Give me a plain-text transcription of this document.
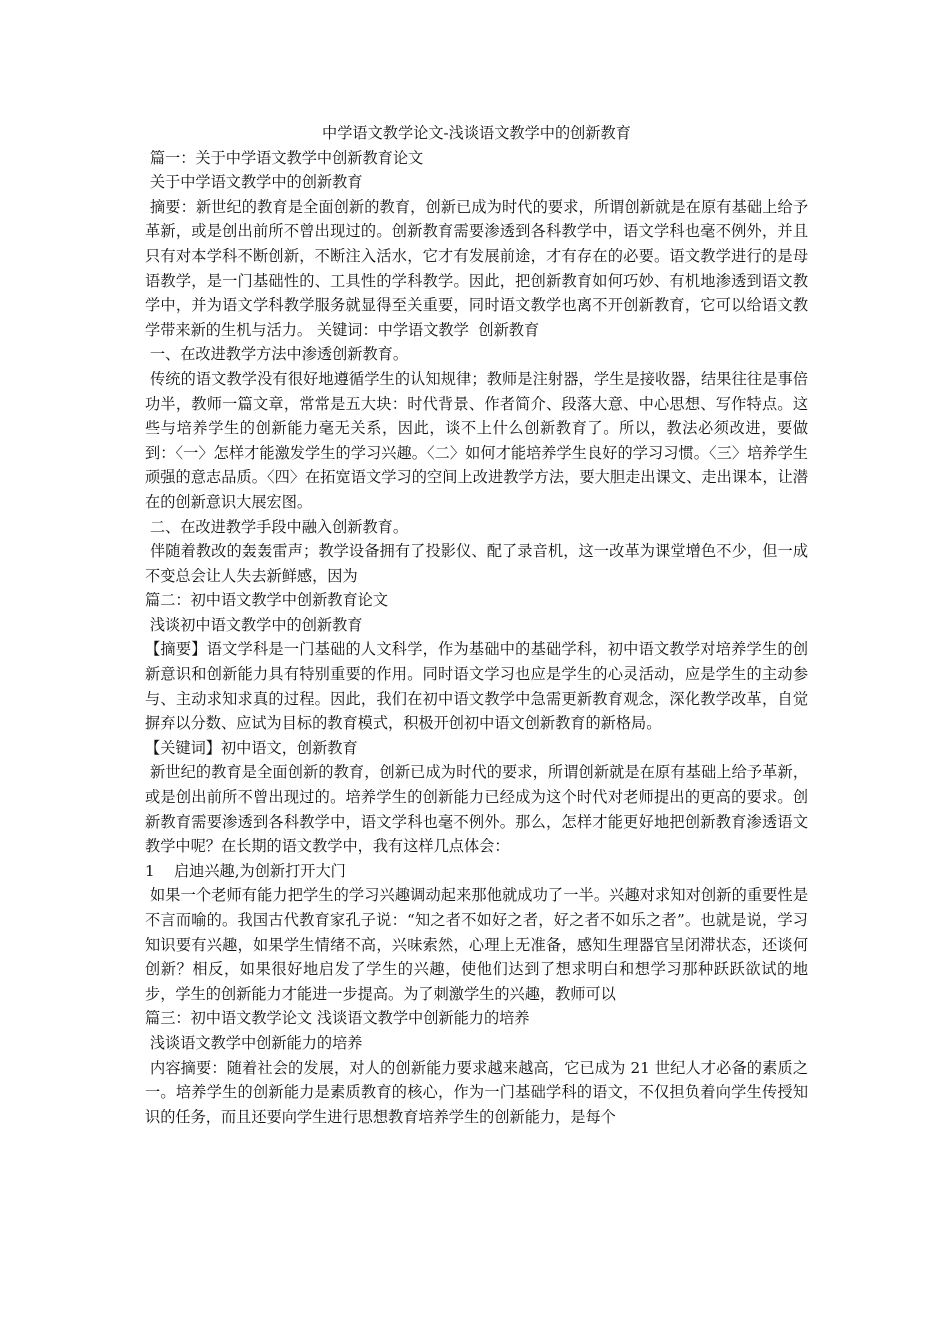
中学语文教学论文-浅谈语文教学中的创新教育
篇一：关于中学语文教学中创新教育论文
关于中学语文教学中的创新教育
摘要：新世纪的教育是全面创新的教育，创新已成为时代的要求，所谓创新就是在原有基础上给予革新，或是创出前所不曾出现过的。创新教育需要渗透到各科教学中，语文学科也毫不例外，并且只有对本学科不断创新，不断注入活水，它才有发展前途，才有存在的必要。语文教学进行的是母语教学，是一门基础性的、工具性的学科教学。因此，把创新教育如何巧妙、有机地渗透到语文教学中，并为语文学科教学服务就显得至关重要，同时语文教学也离不开创新教育，它可以给语文教学带来新的生机与活力。 关键词：中学语文教学  创新教育
一、在改进教学方法中渗透创新教育。
传统的语文教学没有很好地遵循学生的认知规律；教师是注射器，学生是接收器，结果往往是事倍功半，教师一篇文章，常常是五大块：时代背景、作者简介、段落大意、中心思想、写作特点。这些与培养学生的创新能力毫无关系，因此，谈不上什么创新教育了。所以，教法必须改进，要做到：〈一〉怎样才能激发学生的学习兴趣。〈二〉如何才能培养学生良好的学习习惯。〈三〉培养学生顽强的意志品质。〈四〉在拓宽语文学习的空间上改进教学方法，要大胆走出课文、走出课本，让潜在的创新意识大展宏图。
二、在改进教学手段中融入创新教育。
伴随着教改的轰轰雷声；教学设备拥有了投影仪、配了录音机，这一改革为课堂增色不少，但一成不变总会让人失去新鲜感，因为
篇二：初中语文教学中创新教育论文
浅谈初中语文教学中的创新教育
【摘要】语文学科是一门基础的人文科学，作为基础中的基础学科，初中语文教学对培养学生的创新意识和创新能力具有特别重要的作用。同时语文学习也应是学生的心灵活动，应是学生的主动参与、主动求知求真的过程。因此，我们在初中语文教学中急需更新教育观念，深化教学改革，自觉摒弃以分数、应试为目标的教育模式，积极开创初中语文创新教育的新格局。
【关键词】初中语文，创新教育
新世纪的教育是全面创新的教育，创新已成为时代的要求，所谓创新就是在原有基础上给予革新，或是创出前所不曾出现过的。培养学生的创新能力已经成为这个时代对老师提出的更高的要求。创新教育需要渗透到各科教学中，语文学科也毫不例外。那么，怎样才能更好地把创新教育渗透语文教学中呢？在长期的语文教学中，我有这样几点体会：
1    启迪兴趣,为创新打开大门
如果一个老师有能力把学生的学习兴趣调动起来那他就成功了一半。兴趣对求知对创新的重要性是不言而喻的。我国古代教育家孔子说：“知之者不如好之者，好之者不如乐之者”。也就是说，学习知识要有兴趣，如果学生情绪不高，兴味索然，心理上无准备，感知生理器官呈闭滞状态，还谈何创新？相反，如果很好地启发了学生的兴趣，使他们达到了想求明白和想学习那种跃跃欲试的地步，学生的创新能力才能进一步提高。为了刺激学生的兴趣，教师可以
篇三：初中语文教学论文 浅谈语文教学中创新能力的培养
浅谈语文教学中创新能力的培养
内容摘要：随着社会的发展，对人的创新能力要求越来越高，它已成为 21 世纪人才必备的素质之一。培养学生的创新能力是素质教育的核心，作为一门基础学科的语文，不仅担负着向学生传授知识的任务，而且还要向学生进行思想教育培养学生的创新能力，是每个
